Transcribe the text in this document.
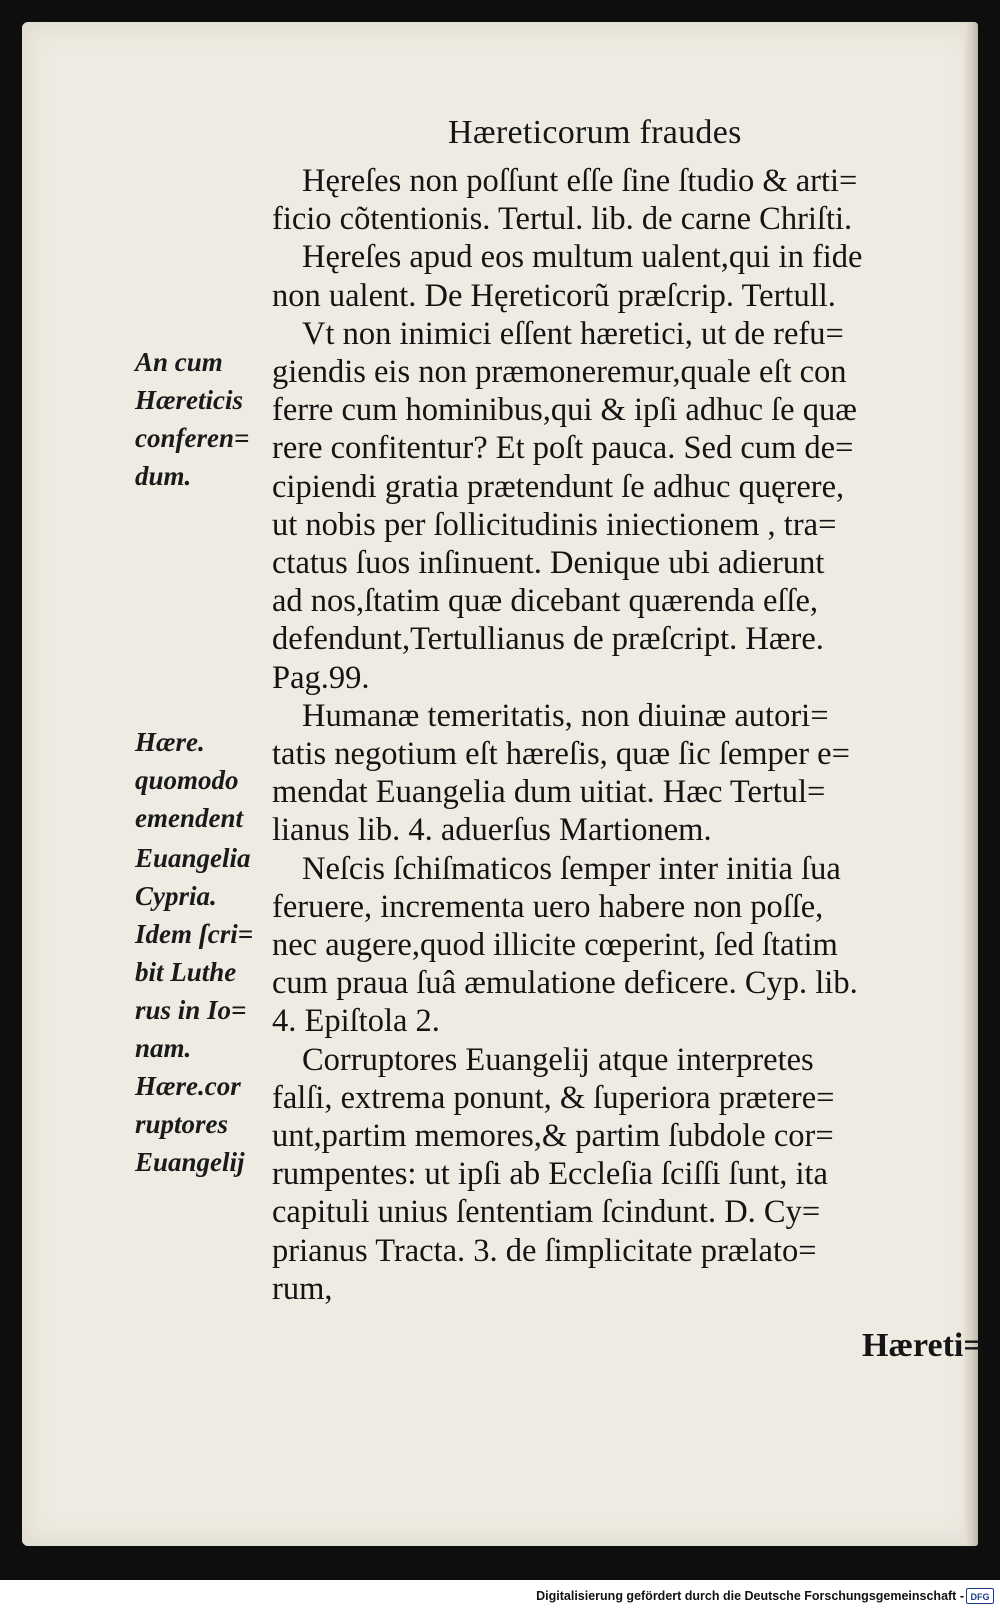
Hæreticorum fraudes
Hęreſes non poſſunt eſſe ſine ſtudio & arti=
ficio cõtentionis. Tertul. lib. de carne Chriſti.
Hęreſes apud eos multum ualent,qui in fide
non ualent. De Hęreticorũ præſcrip. Tertull.
Vt non inimici eſſent hæretici, ut de refu=
giendis eis non præmoneremur,quale eſt con
ferre cum hominibus,qui & ipſi adhuc ſe quæ
rere confitentur? Et poſt pauca. Sed cum de=
cipiendi gratia prætendunt ſe adhuc quęrere,
ut nobis per ſollicitudinis iniectionem , tra=
ctatus ſuos inſinuent. Denique ubi adierunt
ad nos,ſtatim quæ dicebant quærenda eſſe,
defendunt,Tertullianus de præſcript. Hære.
Pag.99.
Humanæ temeritatis, non diuinæ autori=
tatis negotium eſt hæreſis, quæ ſic ſemper e=
mendat Euangelia dum uitiat. Hæc Tertul=
lianus lib. 4. aduerſus Martionem.
Neſcis ſchiſmaticos ſemper inter initia ſua
feruere, incrementa uero habere non poſſe,
nec augere,quod illicite cœperint, ſed ſtatim
cum praua ſuâ æmulatione deficere. Cyp. lib.
4. Epiſtola 2.
Corruptores Euangelij atque interpretes
falſi, extrema ponunt, & ſuperiora prætere=
unt,partim memores,& partim ſubdole cor=
rumpentes: ut ipſi ab Eccleſia ſciſſi ſunt, ita
capituli unius ſententiam ſcindunt. D. Cy=
prianus Tracta. 3. de ſimplicitate prælato=
rum,
An cum
Hæreticis
conferen=
dum.
Hære.
quomodo
emendent
Euangelia
Cypria.
Idem ſcri=
bit Luthe
rus in Io=
nam.
Hære.cor
ruptores
Euangelij
Hæreti=
Digitalisierung gefördert durch die Deutsche Forschungsgemeinschaft - DFG
